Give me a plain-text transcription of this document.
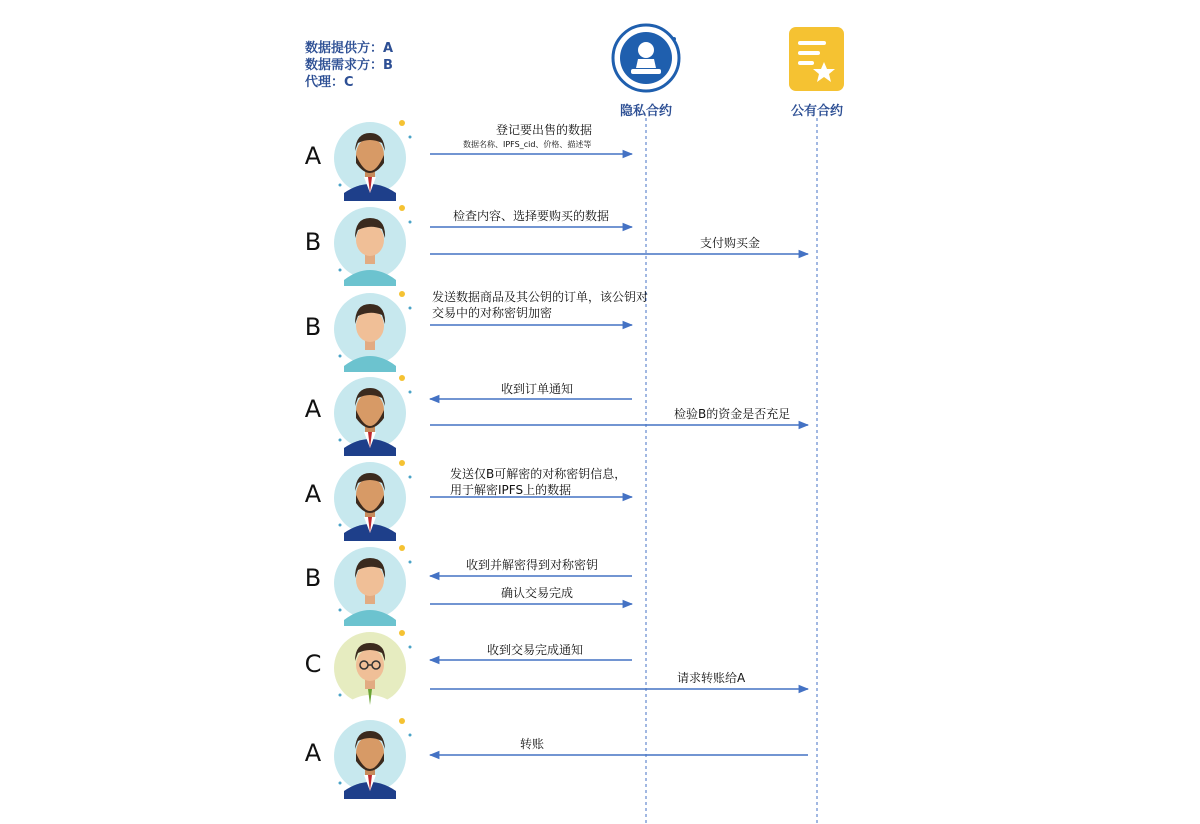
数据提供方：A
数据需求方：B
代理：C
隐私合约	公有合约
A
B
B
A
A
B
C
A
登记要出售的数据
数据名称、IPFS_cid、价格、描述等
检查内容、选择要购买的数据
支付购买金
发送数据商品及其公钥的订单，该公钥对交易中的对称密钥加密
收到订单通知
检验B的资金是否充足
发送仅B可解密的对称密钥信息，用于解密IPFS上的数据
收到并解密得到对称密钥
确认交易完成
收到交易完成通知
请求转账给A
转账
